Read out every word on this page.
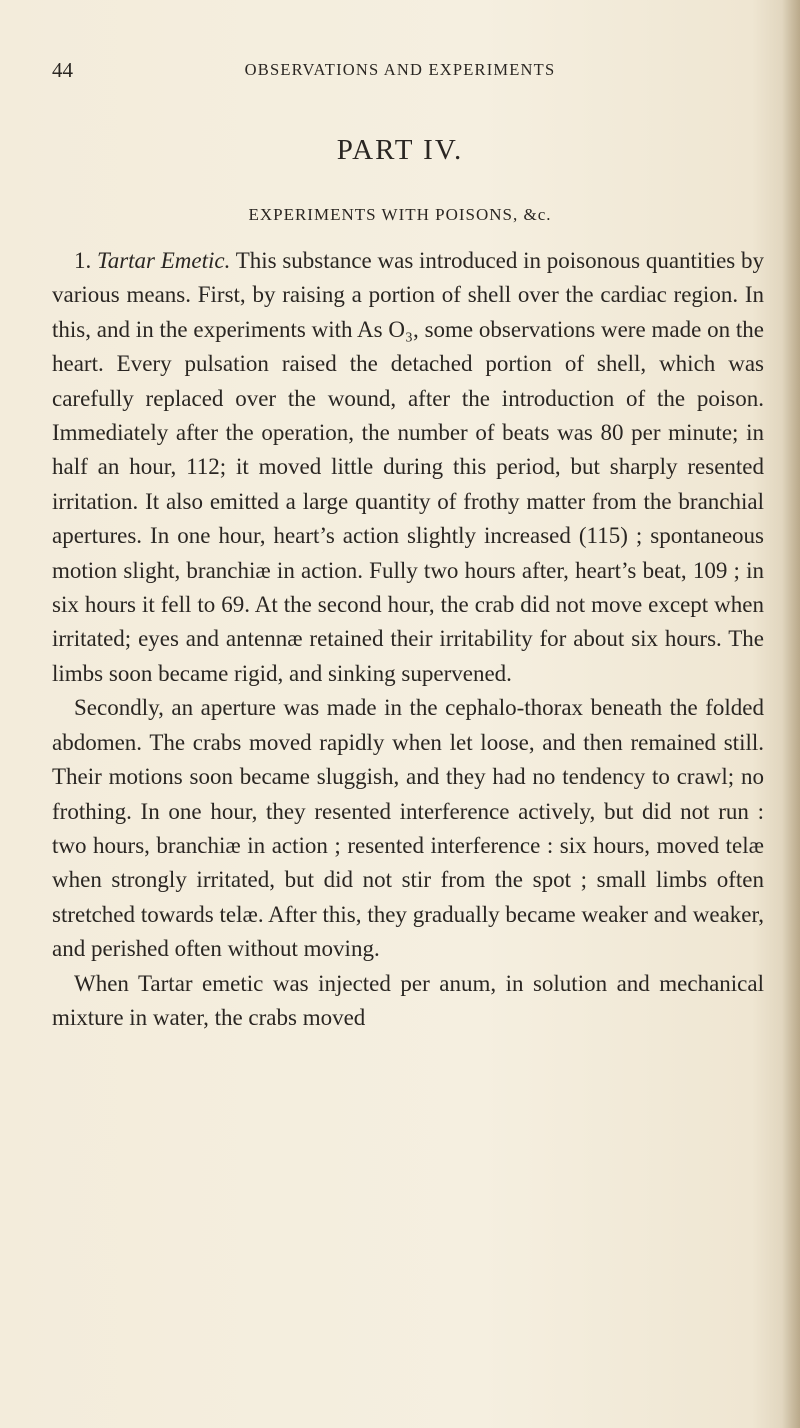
44	OBSERVATIONS AND EXPERIMENTS
PART IV.
EXPERIMENTS WITH POISONS, &c.

1. Tartar Emetic. This substance was introduced in poisonous quantities by various means. First, by raising a portion of shell over the cardiac region. In this, and in the experiments with As O₃, some observations were made on the heart. Every pulsation raised the detached portion of shell, which was carefully replaced over the wound, after the introduction of the poison. Immediately after the operation, the number of beats was 80 per minute; in half an hour, 112; it moved little during this period, but sharply resented irritation. It also emitted a large quantity of frothy matter from the branchial apertures. In one hour, heart’s action slightly increased (115) ; spontaneous motion slight, branchiæ in action. Fully two hours after, heart’s beat, 109 ; in six hours it fell to 69. At the second hour, the crab did not move except when irritated; eyes and antennæ retained their irritability for about six hours. The limbs soon became rigid, and sinking supervened.

Secondly, an aperture was made in the cephalo-thorax beneath the folded abdomen. The crabs moved rapidly when let loose, and then remained still. Their motions soon became sluggish, and they had no tendency to crawl; no frothing. In one hour, they resented interference actively, but did not run : two hours, branchiæ in action ; resented interference : six hours, moved telæ when strongly irritated, but did not stir from the spot ; small limbs often stretched towards telæ. After this, they gradually became weaker and weaker, and perished often without moving.

When Tartar emetic was injected per anum, in solution and mechanical mixture in water, the crabs moved
